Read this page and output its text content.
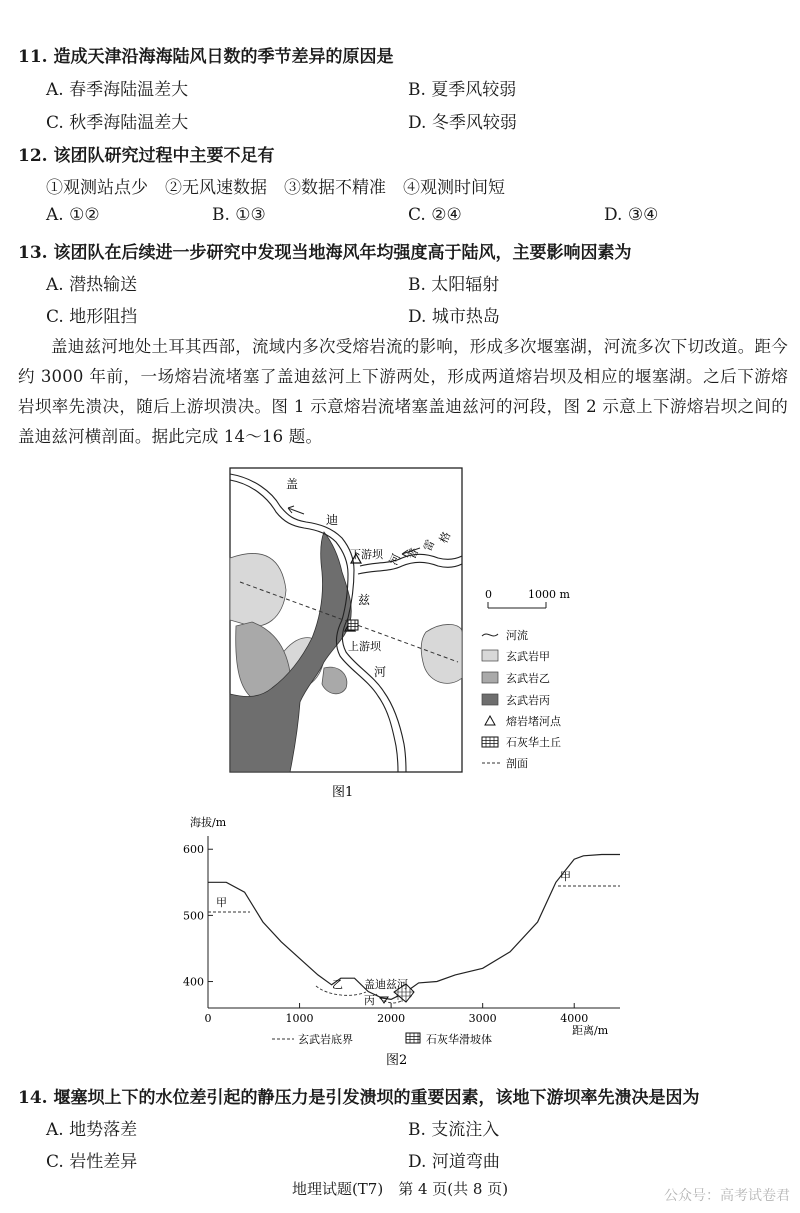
11. 造成天津沿海海陆风日数的季节差异的原因是
A. 春季海陆温差大	B. 夏季风较弱
C. 秋季海陆温差大	D. 冬季风较弱
12. 该团队研究过程中主要不足有
①观测站点少　②无风速数据　③数据不精准　④观测时间短
A. ①②	B. ①③	C. ②④	D. ③④
13. 该团队在后续进一步研究中发现当地海风年均强度高于陆风，主要影响因素为
A. 潜热输送	B. 太阳辐射
C. 地形阻挡	D. 城市热岛
盖迪兹河地处土耳其西部，流域内多次受熔岩流的影响，形成多次堰塞湖，河流多次下切改道。距今约 3000 年前，一场熔岩流堵塞了盖迪兹河上下游两处，形成两道熔岩坝及相应的堰塞湖。之后下游熔岩坝率先溃决，随后上游坝溃决。图 1 示意熔岩流堵塞盖迪兹河的河段，图 2 示意上下游熔岩坝之间的盖迪兹河横剖面。据此完成 14～16 题。
盖
迪
兹
河
格
雷
普
河
下游坝
上游坝
0	1000 m
河流
玄武岩甲
玄武岩乙
玄武岩丙
熔岩堵河点
石灰华土丘
剖面
图1
海拔/m
600
500
400
0	1000	2000	3000	4000
距离/m
甲
甲
乙
丙
盖迪兹河
玄武岩底界	石灰华滑坡体
图2
14. 堰塞坝上下的水位差引起的静压力是引发溃坝的重要因素，该地下游坝率先溃决是因为
A. 地势落差	B. 支流注入
C. 岩性差异	D. 河道弯曲
地理试题(T7)　第 4 页(共 8 页)	公众号：高考试卷君
